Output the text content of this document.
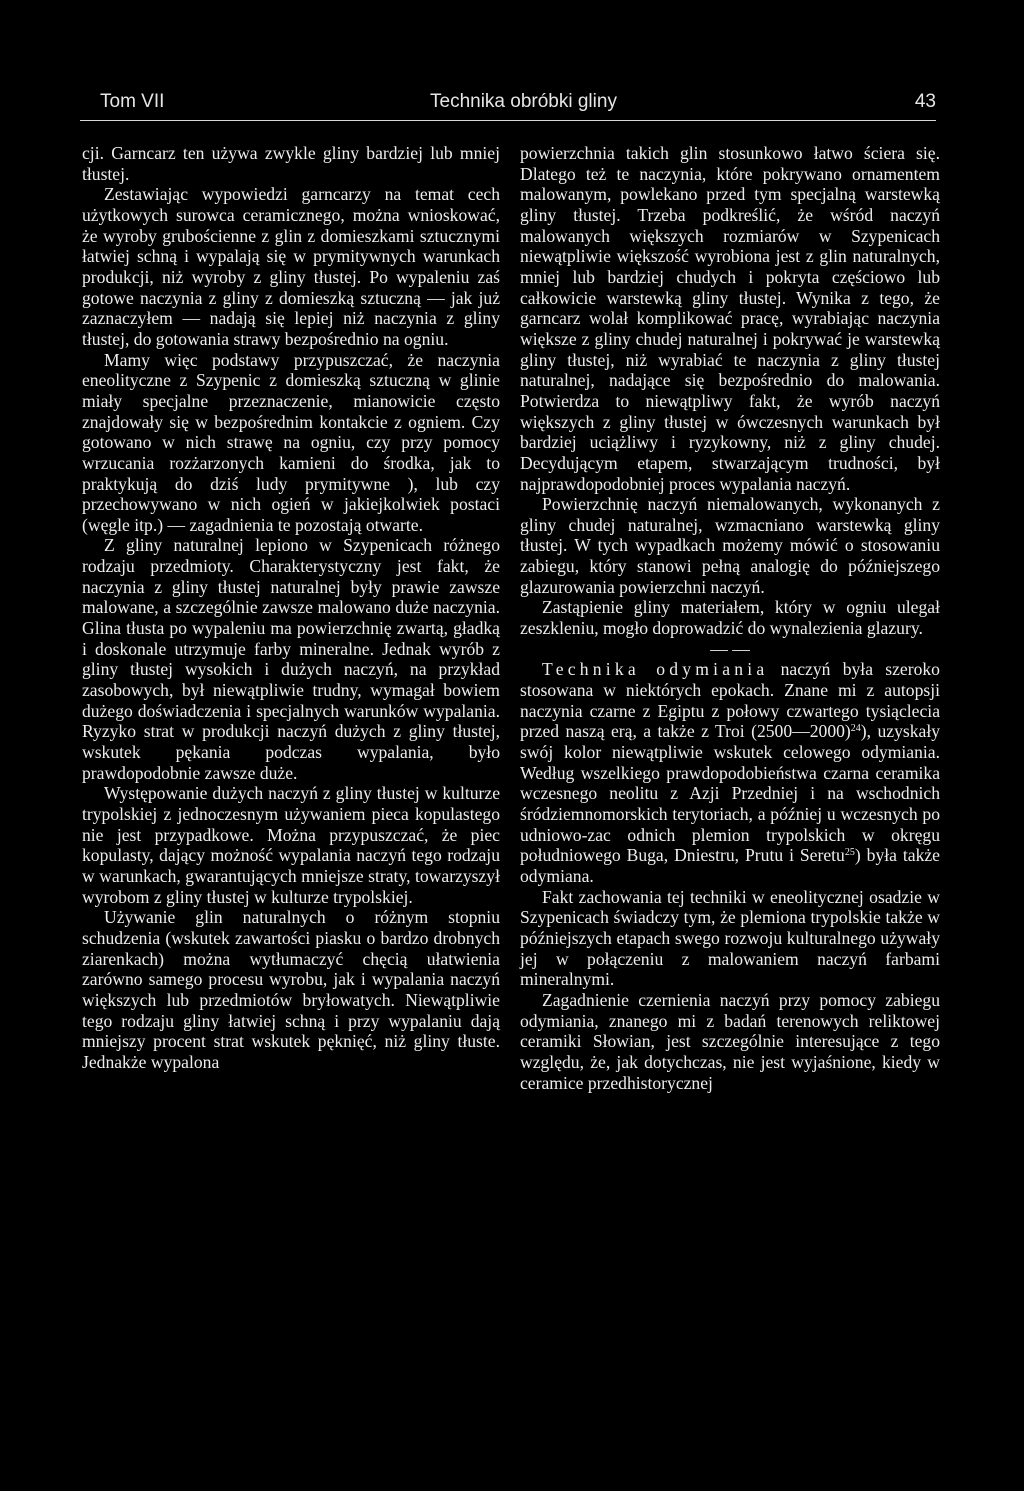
Tom VII	Technika obróbki gliny	43

cji. Garncarz ten używa zwykle gliny bardziej lub mniej tłustej.

Zestawiając wypowiedzi garncarzy na temat cech użytkowych surowca ceramicznego, można wnioskować, że wyroby grubościenne z glin z domieszkami sztucznymi łatwiej schną i wypalają się w prymitywnych warunkach produkcji, niż wyroby z gliny tłustej. Po wypaleniu zaś gotowe naczynia z gliny z domieszką sztuczną — jak już zaznaczyłem — nadają się lepiej niż naczynia z gliny tłustej, do gotowania strawy bezpośrednio na ogniu.

Mamy więc podstawy przypuszczać, że naczynia eneolityczne z Szypenic z domieszką sztuczną w glinie miały specjalne przeznaczenie, mianowicie często znajdowały się w bezpośrednim kontakcie z ogniem. Czy gotowano w nich strawę na ogniu, czy przy pomocy wrzucania rozżarzonych kamieni do środka, jak to praktykują do dziś ludy prymitywne ), lub czy przechowywano w nich ogień w jakiejkolwiek postaci (węgle itp.) — zagadnienia te pozostają otwarte.

Z gliny naturalnej lepiono w Szypenicach różnego rodzaju przedmioty. Charakterystyczny jest fakt, że naczynia z gliny tłustej naturalnej były prawie zawsze malowane, a szczególnie zawsze malowano duże naczynia. Glina tłusta po wypaleniu ma powierzchnię zwartą, gładką i doskonale utrzymuje farby mineralne. Jednak wyrób z gliny tłustej wysokich i dużych naczyń, na przykład zasobowych, był niewątpliwie trudny, wymagał bowiem dużego doświadczenia i specjalnych warunków wypalania. Ryzyko strat w produkcji naczyń dużych z gliny tłustej, wskutek pękania podczas wypalania, było prawdopodobnie zawsze duże.

Występowanie dużych naczyń z gliny tłustej w kulturze trypolskiej z jednoczesnym używaniem pieca kopulastego nie jest przypadkowe. Można przypuszczać, że piec kopulasty, dający możność wypalania naczyń tego rodzaju w warunkach, gwarantujących mniejsze straty, towarzyszył wyrobom z gliny tłustej w kulturze trypolskiej.

Używanie glin naturalnych o różnym stopniu schudzenia (wskutek zawartości piasku o bardzo drobnych ziarenkach) można wytłumaczyć chęcią ułatwienia zarówno samego procesu wyrobu, jak i wypalania naczyń większych lub przedmiotów bryłowatych. Niewątpliwie tego rodzaju gliny łatwiej schną i przy wypalaniu dają mniejszy procent strat wskutek pęknięć, niż gliny tłuste. Jednakże wypalona

powierzchnia takich glin stosunkowo łatwo ściera się. Dlatego też te naczynia, które pokrywano ornamentem malowanym, powlekano przed tym specjalną warstewką gliny tłustej. Trzeba podkreślić, że wśród naczyń malowanych większych rozmiarów w Szypenicach niewątpliwie większość wyrobiona jest z glin naturalnych, mniej lub bardziej chudych i pokryta częściowo lub całkowicie warstewką gliny tłustej. Wynika z tego, że garncarz wolał komplikować pracę, wyrabiając naczynia większe z gliny chudej naturalnej i pokrywać je warstewką gliny tłustej, niż wyrabiać te naczynia z gliny tłustej naturalnej, nadające się bezpośrednio do malowania. Potwierdza to niewątpliwy fakt, że wyrób naczyń większych z gliny tłustej w ówczesnych warunkach był bardziej uciążliwy i ryzykowny, niż z gliny chudej. Decydującym etapem, stwarzającym trudności, był najprawdopodobniej proces wypalania naczyń.

Powierzchnię naczyń niemalowanych, wykonanych z gliny chudej naturalnej, wzmacniano warstewką gliny tłustej. W tych wypadkach możemy mówić o stosowaniu zabiegu, który stanowi pełną analogię do późniejszego glazurowania powierzchni naczyń.

Zastąpienie gliny materiałem, który w ogniu ulegał zeszkleniu, mogło doprowadzić do wynalezienia glazury.

— —

Technika odymiania naczyń była szeroko stosowana w niektórych epokach. Znane mi z autopsji naczynia czarne z Egiptu z połowy czwartego tysiąclecia przed naszą erą, a także z Troi (2500—2000)$^{24}$), uzyskały swój kolor niewątpliwie wskutek celowego odymiania. Według wszelkiego prawdopodobieństwa czarna ceramika wczesnego neolitu z Azji Przedniej i na wschodnich śródziemnomorskich terytoriach, a później u wczesnych po udniowo-zac odnich plemion trypolskich w okręgu południowego Buga, Dniestru, Prutu i Seretu$^{25}$) była także odymiana.

Fakt zachowania tej techniki w eneolitycznej osadzie w Szypenicach świadczy tym, że plemiona trypolskie także w późniejszych etapach swego rozwoju kulturalnego używały jej w połączeniu z malowaniem naczyń farbami mineralnymi.

Zagadnienie czernienia naczyń przy pomocy zabiegu odymiania, znanego mi z badań terenowych reliktowej ceramiki Słowian, jest szczególnie interesujące z tego względu, że, jak dotychczas, nie jest wyjaśnione, kiedy w ceramice przedhistorycznej
